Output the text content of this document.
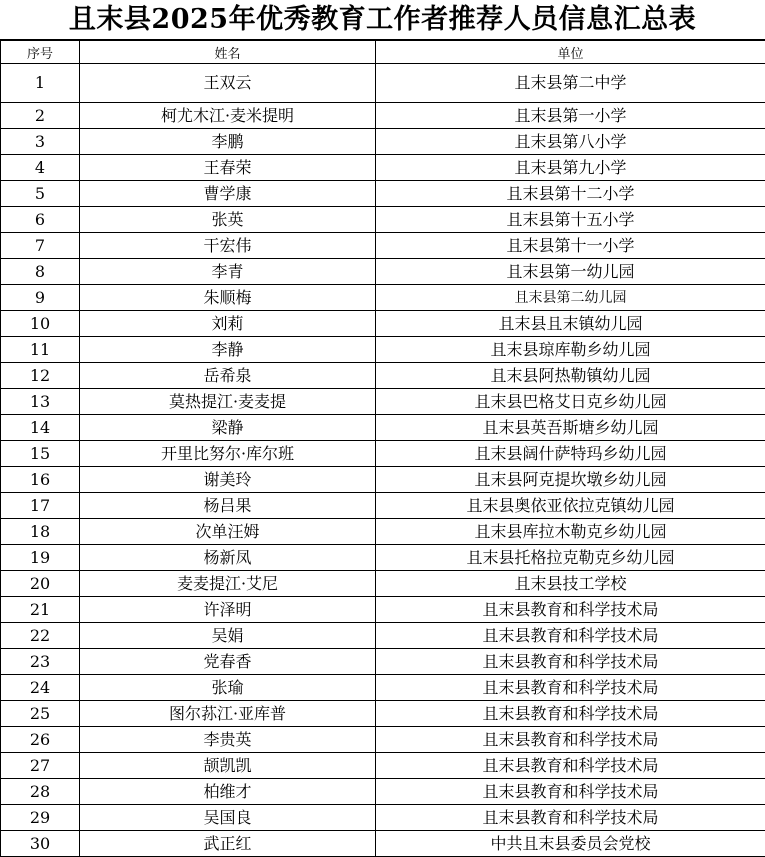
且末县2025年优秀教育工作者推荐人员信息汇总表
序号	姓名	单位
1	王双云	且末县第二中学
2	柯尤木江·麦米提明	且末县第一小学
3	李鹏	且末县第八小学
4	王春荣	且末县第九小学
5	曹学康	且末县第十二小学
6	张英	且末县第十五小学
7	干宏伟	且末县第十一小学
8	李青	且末县第一幼儿园
9	朱顺梅	且末县第二幼儿园
10	刘莉	且末县且末镇幼儿园
11	李静	且末县琼库勒乡幼儿园
12	岳希泉	且末县阿热勒镇幼儿园
13	莫热提江·麦麦提	且末县巴格艾日克乡幼儿园
14	梁静	且末县英吾斯塘乡幼儿园
15	开里比努尔·库尔班	且末县阔什萨特玛乡幼儿园
16	谢美玲	且末县阿克提坎墩乡幼儿园
17	杨吕果	且末县奥依亚依拉克镇幼儿园
18	次单汪姆	且末县库拉木勒克乡幼儿园
19	杨新凤	且末县托格拉克勒克乡幼儿园
20	麦麦提江·艾尼	且末县技工学校
21	许泽明	且末县教育和科学技术局
22	吴娟	且末县教育和科学技术局
23	党春香	且末县教育和科学技术局
24	张瑜	且末县教育和科学技术局
25	图尔荪江·亚库普	且末县教育和科学技术局
26	李贵英	且末县教育和科学技术局
27	颉凯凯	且末县教育和科学技术局
28	柏维才	且末县教育和科学技术局
29	吴国良	且末县教育和科学技术局
30	武正红	中共且末县委员会党校
